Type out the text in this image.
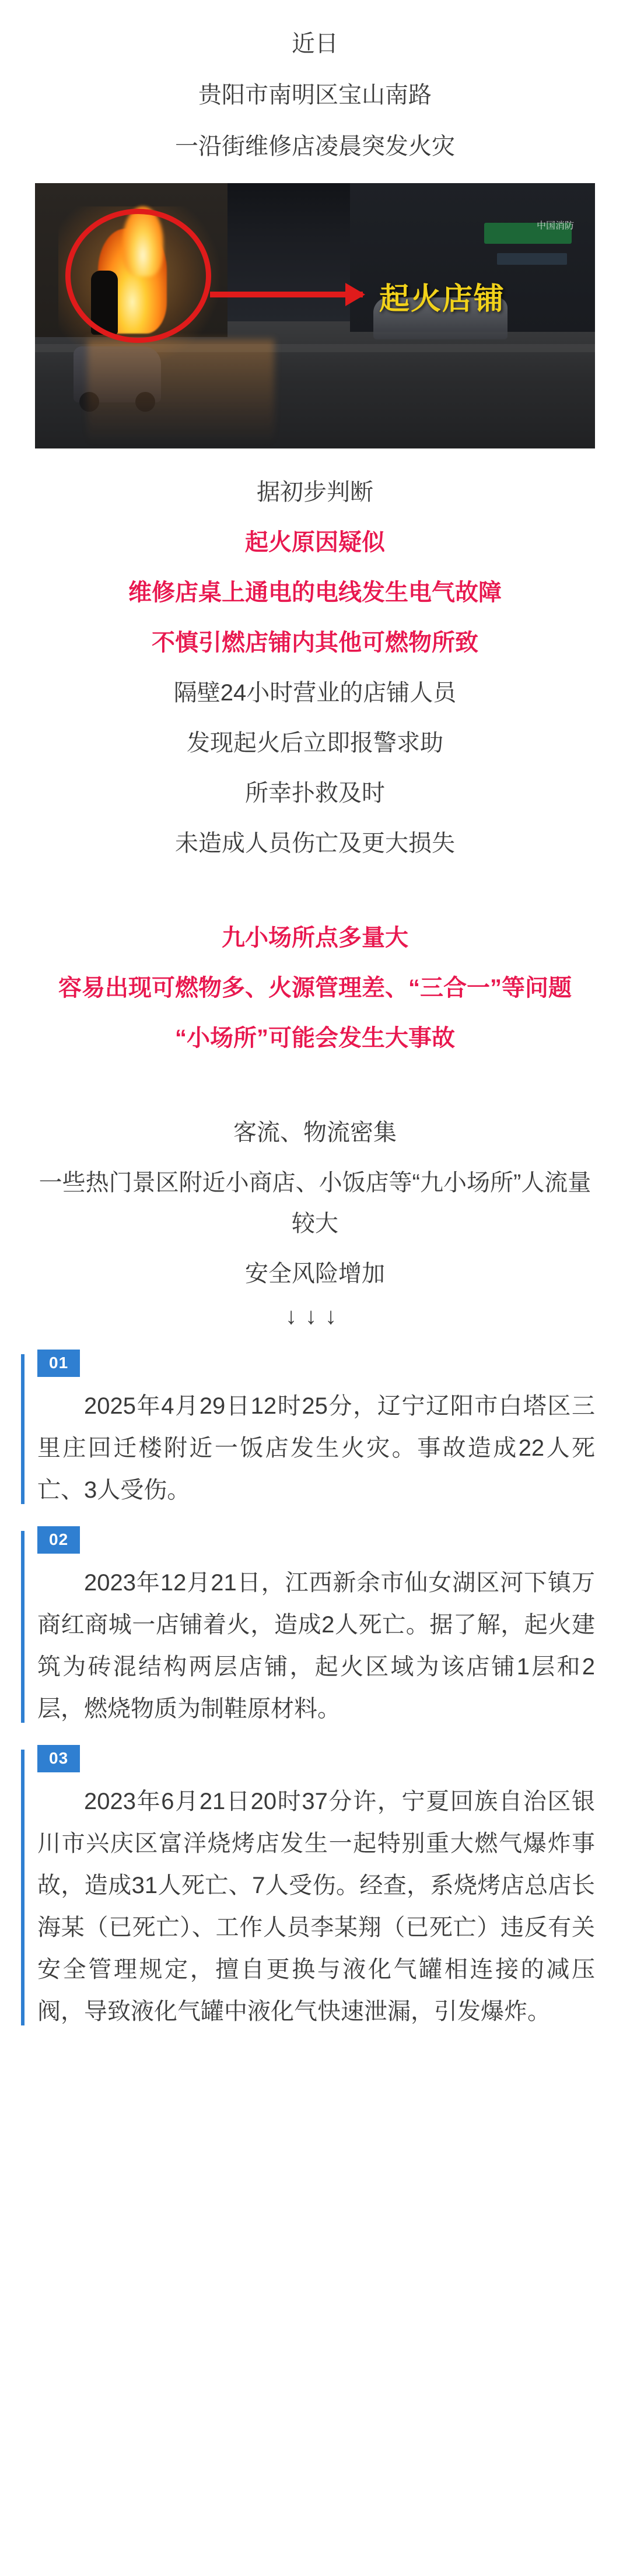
近日

贵阳市南明区宝山南路

一沿街维修店凌晨突发火灾

起火店铺
中国消防

据初步判断

起火原因疑似

维修店桌上通电的电线发生电气故障

不慎引燃店铺内其他可燃物所致

隔壁24小时营业的店铺人员

发现起火后立即报警求助

所幸扑救及时

未造成人员伤亡及更大损失

九小场所点多量大

容易出现可燃物多、火源管理差、“三合一”等问题

“小场所”可能会发生大事故

客流、物流密集

一些热门景区附近小商店、小饭店等“九小场所”人流量较大

安全风险增加

↓↓↓
01

2025年4月29日12时25分，辽宁辽阳市白塔区三里庄回迁楼附近一饭店发生火灾。事故造成22人死亡、3人受伤。

02

2023年12月21日，江西新余市仙女湖区河下镇万商红商城一店铺着火，造成2人死亡。据了解，起火建筑为砖混结构两层店铺，起火区域为该店铺1层和2层，燃烧物质为制鞋原材料。

03

2023年6月21日20时37分许，宁夏回族自治区银川市兴庆区富洋烧烤店发生一起特别重大燃气爆炸事故，造成31人死亡、7人受伤。经查，系烧烤店总店长海某（已死亡）、工作人员李某翔（已死亡）违反有关安全管理规定，擅自更换与液化气罐相连接的减压阀，导致液化气罐中液化气快速泄漏，引发爆炸。
